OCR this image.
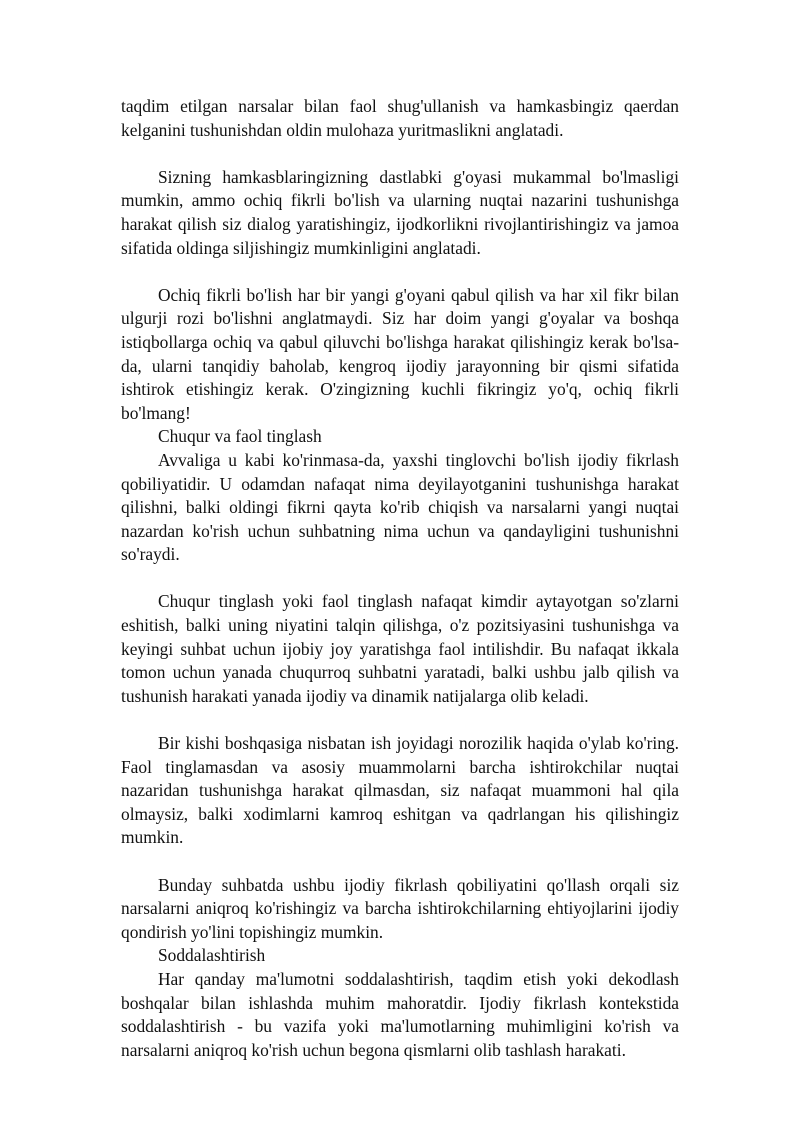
taqdim etilgan narsalar bilan faol shug'ullanish va hamkasbingiz qaerdan kelganini tushunishdan oldin mulohaza yuritmaslikni anglatadi.

Sizning hamkasblaringizning dastlabki g'oyasi mukammal bo'lmasligi mumkin, ammo ochiq fikrli bo'lish va ularning nuqtai nazarini tushunishga harakat qilish siz dialog yaratishingiz, ijodkorlikni rivojlantirishingiz va jamoa sifatida oldinga siljishingiz mumkinligini anglatadi.

Ochiq fikrli bo'lish har bir yangi g'oyani qabul qilish va har xil fikr bilan ulgurji rozi bo'lishni anglatmaydi. Siz har doim yangi g'oyalar va boshqa istiqbollarga ochiq va qabul qiluvchi bo'lishga harakat qilishingiz kerak bo'lsa-da, ularni tanqidiy baholab, kengroq ijodiy jarayonning bir qismi sifatida ishtirok etishingiz kerak. O'zingizning kuchli fikringiz yo'q, ochiq fikrli bo'lmang!

Chuqur va faol tinglash

Avvaliga u kabi ko'rinmasa-da, yaxshi tinglovchi bo'lish ijodiy fikrlash qobiliyatidir. U odamdan nafaqat nima deyilayotganini tushunishga harakat qilishni, balki oldingi fikrni qayta ko'rib chiqish va narsalarni yangi nuqtai nazardan ko'rish uchun suhbatning nima uchun va qandayligini tushunishni so'raydi.

Chuqur tinglash yoki faol tinglash nafaqat kimdir aytayotgan so'zlarni eshitish, balki uning niyatini talqin qilishga, o'z pozitsiyasini tushunishga va keyingi suhbat uchun ijobiy joy yaratishga faol intilishdir. Bu nafaqat ikkala tomon uchun yanada chuqurroq suhbatni yaratadi, balki ushbu jalb qilish va tushunish harakati yanada ijodiy va dinamik natijalarga olib keladi.

Bir kishi boshqasiga nisbatan ish joyidagi norozilik haqida o'ylab ko'ring. Faol tinglamasdan va asosiy muammolarni barcha ishtirokchilar nuqtai nazaridan tushunishga harakat qilmasdan, siz nafaqat muammoni hal qila olmaysiz, balki xodimlarni kamroq eshitgan va qadrlangan his qilishingiz mumkin.

Bunday suhbatda ushbu ijodiy fikrlash qobiliyatini qo'llash orqali siz narsalarni aniqroq ko'rishingiz va barcha ishtirokchilarning ehtiyojlarini ijodiy qondirish yo'lini topishingiz mumkin.

Soddalashtirish

Har qanday ma'lumotni soddalashtirish, taqdim etish yoki dekodlash boshqalar bilan ishlashda muhim mahoratdir. Ijodiy fikrlash kontekstida soddalashtirish - bu vazifa yoki ma'lumotlarning muhimligini ko'rish va narsalarni aniqroq ko'rish uchun begona qismlarni olib tashlash harakati.
